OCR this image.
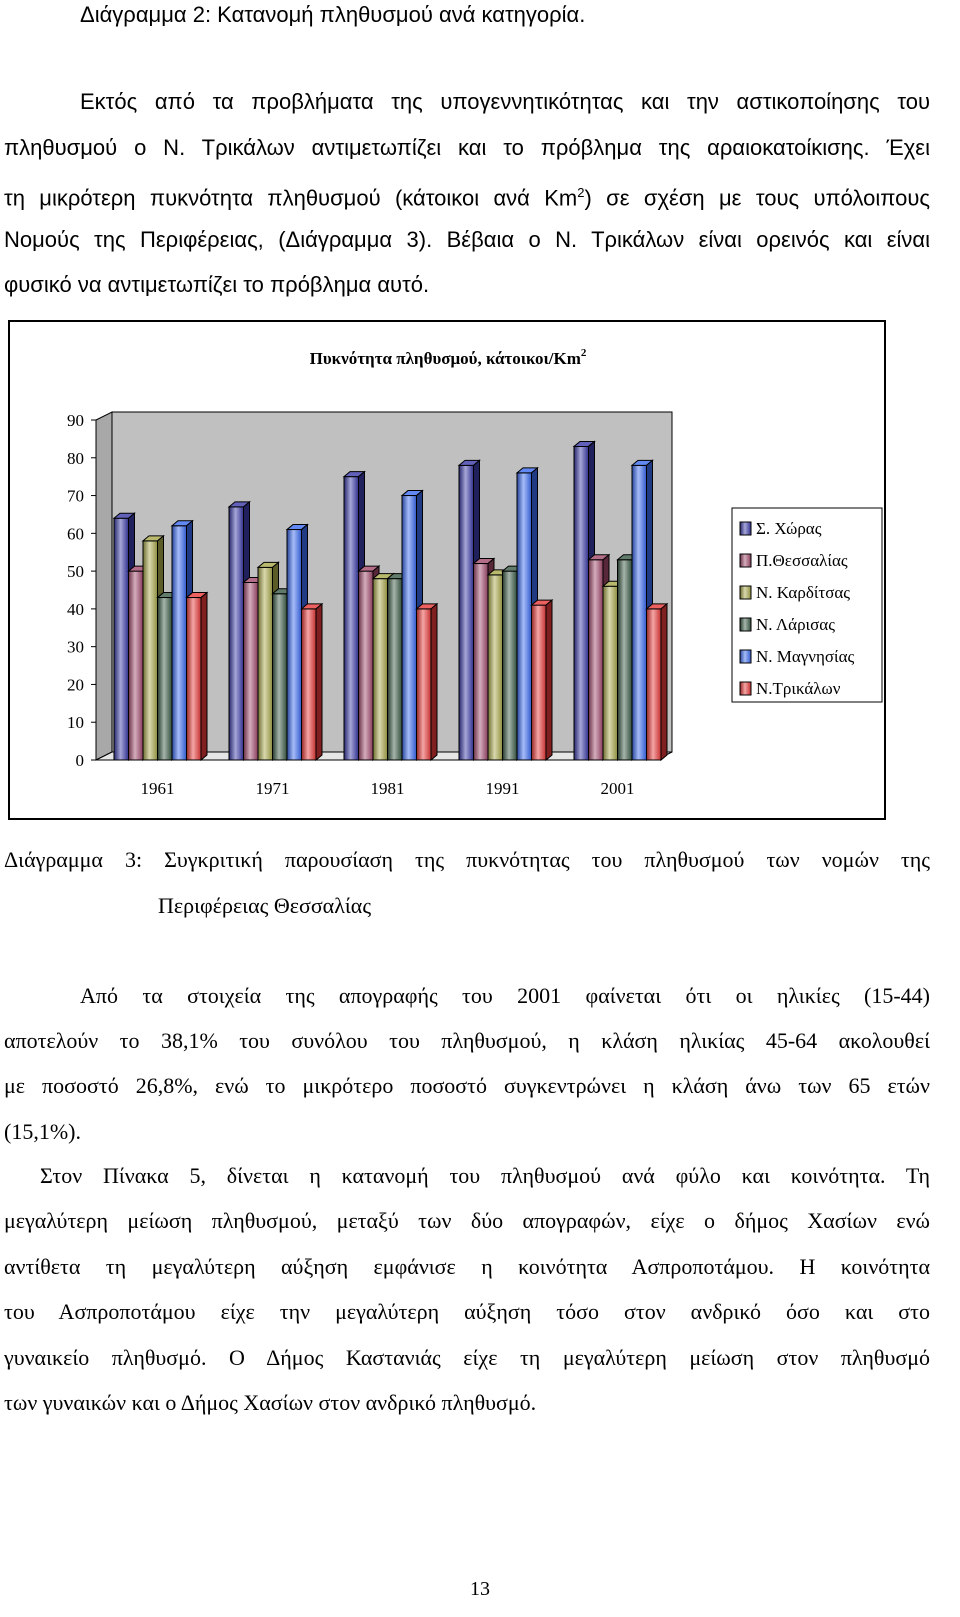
Διάγραμμα 2: Κατανομή πληθυσμού ανά κατηγορία.
Εκτός από τα προβλήματα της υπογεννητικότητας και την αστικοποίησης του
πληθυσμού ο Ν. Τρικάλων αντιμετωπίζει και το πρόβλημα της αραιοκατοίκισης. Έχει
τη μικρότερη πυκνότητα πληθυσμού (κάτοικοι ανά Km$^2$) σε σχέση με τους υπόλοιπους
Νομούς της Περιφέρειας, (Διάγραμμα 3). Βέβαια ο Ν. Τρικάλων είναι ορεινός και είναι
φυσικό να αντιμετωπίζει το πρόβλημα αυτό.
Πυκνότητα πληθυσμού, κάτοικοι/Km$^2$
0
10
20
30
40
50
60
70
80
90
1961	1971	1981	1991	2001
Σ. Χώρας
Π.Θεσσαλίας
Ν. Καρδίτσας
Ν. Λάρισας
Ν. Μαγνησίας
Ν.Τρικάλων
Διάγραμμα 3: Συγκριτική παρουσίαση της πυκνότητας του πληθυσμού των νομών της
Περιφέρειας Θεσσαλίας
Από τα στοιχεία της απογραφής του 2001 φαίνεται ότι οι ηλικίες (15-44)
αποτελούν το 38,1% του συνόλου του πληθυσμού, η κλάση ηλικίας 45-64 ακολουθεί
με ποσοστό 26,8%, ενώ το μικρότερο ποσοστό συγκεντρώνει η κλάση άνω των 65 ετών
(15,1%).
Στον Πίνακα 5, δίνεται η κατανομή του πληθυσμού ανά φύλο και κοινότητα. Τη
μεγαλύτερη μείωση πληθυσμού, μεταξύ των δύο απογραφών, είχε ο δήμος Χασίων ενώ
αντίθετα τη μεγαλύτερη αύξηση εμφάνισε η κοινότητα Ασπροποτάμου. Η κοινότητα
του Ασπροποτάμου είχε την μεγαλύτερη αύξηση τόσο στον ανδρικό όσο και στο
γυναικείο πληθυσμό. Ο Δήμος Καστανιάς είχε τη μεγαλύτερη μείωση στον πληθυσμό
των γυναικών και ο Δήμος Χασίων στον ανδρικό πληθυσμό.
13
